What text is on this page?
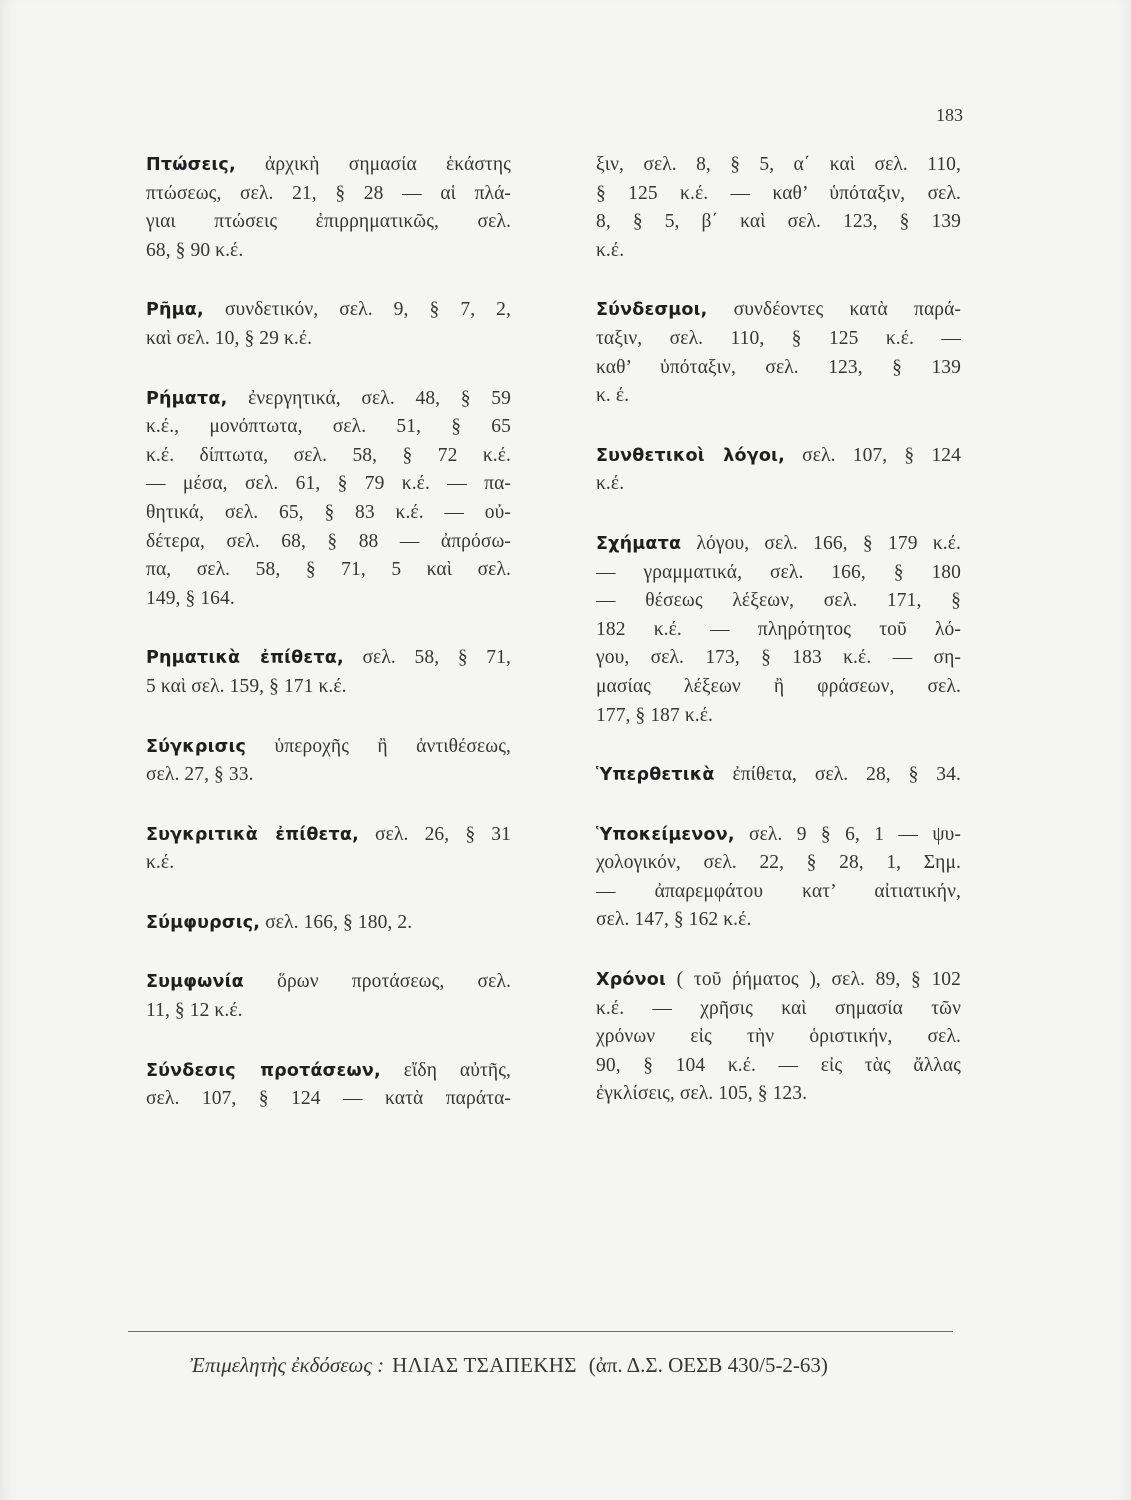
183
Πτώσεις, ἀρχικὴ σημασία ἑκάστης
πτώσεως, σελ. 21, § 28 — αἱ πλά-
γιαι πτώσεις ἐπιρρηματικῶς, σελ.
68, § 90 κ.έ.
Ρῆμα, συνδετικόν, σελ. 9, § 7, 2,
καὶ σελ. 10, § 29 κ.έ.
Ρήματα, ἐνεργητικά, σελ. 48, § 59
κ.έ., μονόπτωτα, σελ. 51, § 65
κ.έ. δίπτωτα, σελ. 58, § 72 κ.έ.
— μέσα, σελ. 61, § 79 κ.έ. — πα-
θητικά, σελ. 65, § 83 κ.έ. — οὐ-
δέτερα, σελ. 68, § 88 — ἀπρόσω-
πα, σελ. 58, § 71, 5 καὶ σελ.
149, § 164.
Ρηματικὰ ἐπίθετα, σελ. 58, § 71,
5 καὶ σελ. 159, § 171 κ.έ.
Σύγκρισις ὑπεροχῆς ἢ ἀντιθέσεως,
σελ. 27, § 33.
Συγκριτικὰ ἐπίθετα, σελ. 26, § 31
κ.έ.
Σύμφυρσις, σελ. 166, § 180, 2.
Συμφωνία ὅρων προτάσεως, σελ.
11, § 12 κ.έ.
Σύνδεσις προτάσεων, εἴδη αὐτῆς,
σελ. 107, § 124 — κατὰ παράτα-
ξιν, σελ. 8, § 5, α΄ καὶ σελ. 110,
§ 125 κ.έ. — καθ’ ὑπόταξιν, σελ.
8, § 5, β΄ καὶ σελ. 123, § 139
κ.έ.
Σύνδεσμοι, συνδέοντες κατὰ παρά-
ταξιν, σελ. 110, § 125 κ.έ. —
καθ’ ὑπόταξιν, σελ. 123, § 139
κ. έ.
Συνθετικοὶ λόγοι, σελ. 107, § 124
κ.έ.
Σχήματα λόγου, σελ. 166, § 179 κ.έ.
— γραμματικά, σελ. 166, § 180
— θέσεως λέξεων, σελ. 171, §
182 κ.έ. — πληρότητος τοῦ λό-
γου, σελ. 173, § 183 κ.έ. — ση-
μασίας λέξεων ἢ φράσεων, σελ.
177, § 187 κ.έ.
Ὑπερθετικὰ ἐπίθετα, σελ. 28, § 34.
Ὑποκείμενον, σελ. 9 § 6, 1 — ψυ-
χολογικόν, σελ. 22, § 28, 1, Σημ.
— ἀπαρεμφάτου κατ’ αἰτιατικήν,
σελ. 147, § 162 κ.έ.
Χρόνοι ( τοῦ ῥήματος ), σελ. 89, § 102
κ.έ. — χρῆσις καὶ σημασία τῶν
χρόνων εἰς τὴν ὁριστικήν, σελ.
90, § 104 κ.έ. — εἰς τὰς ἄλλας
ἐγκλίσεις, σελ. 105, § 123.
Ἐπιμελητὴς ἐκδόσεως : ΗΛΙΑΣ ΤΣΑΠΕΚΗΣ (ἀπ. Δ.Σ. ΟΕΣΒ 430/5-2-63)
